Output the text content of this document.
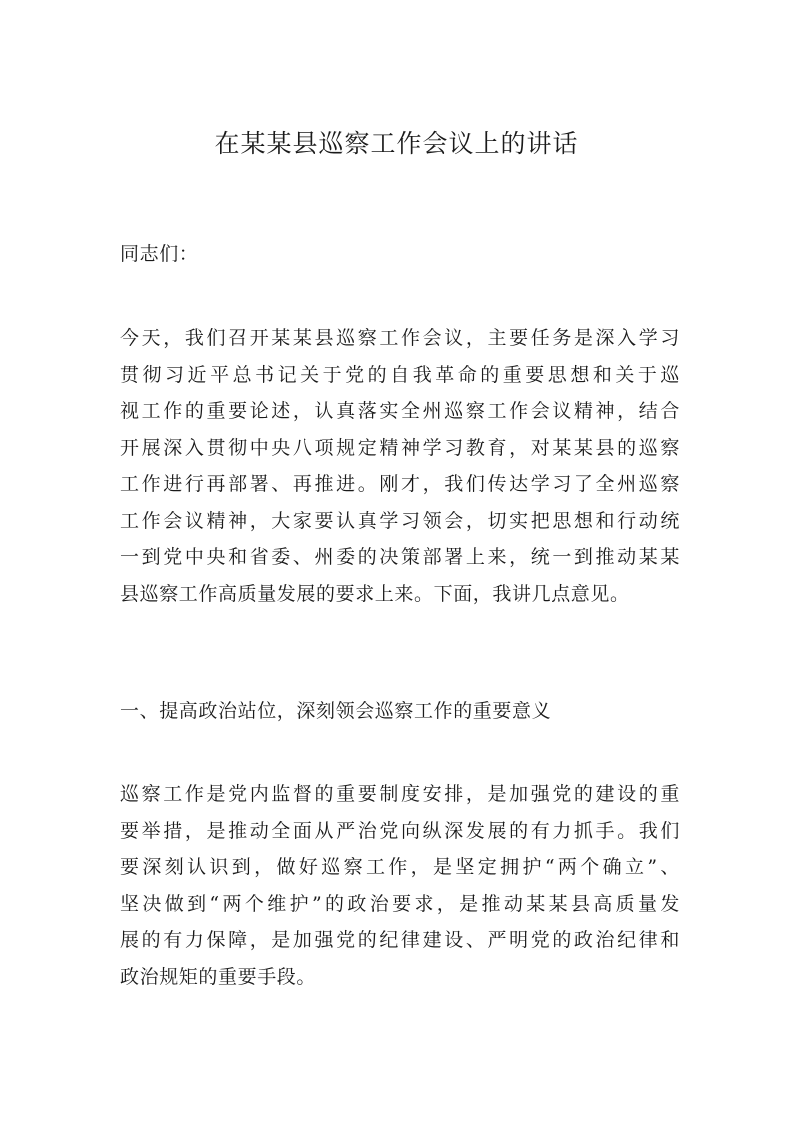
在某某县巡察工作会议上的讲话

同志们：

今天，我们召开某某县巡察工作会议，主要任务是深入学习
贯彻习近平总书记关于党的自我革命的重要思想和关于巡
视工作的重要论述，认真落实全州巡察工作会议精神，结合
开展深入贯彻中央八项规定精神学习教育，对某某县的巡察
工作进行再部署、再推进。刚才，我们传达学习了全州巡察
工作会议精神，大家要认真学习领会，切实把思想和行动统
一到党中央和省委、州委的决策部署上来，统一到推动某某
县巡察工作高质量发展的要求上来。下面，我讲几点意见。

一、提高政治站位，深刻领会巡察工作的重要意义

巡察工作是党内监督的重要制度安排，是加强党的建设的重
要举措，是推动全面从严治党向纵深发展的有力抓手。我们
要深刻认识到，做好巡察工作，是坚定拥护“两个确立”、
坚决做到“两个维护”的政治要求，是推动某某县高质量发
展的有力保障，是加强党的纪律建设、严明党的政治纪律和
政治规矩的重要手段。
